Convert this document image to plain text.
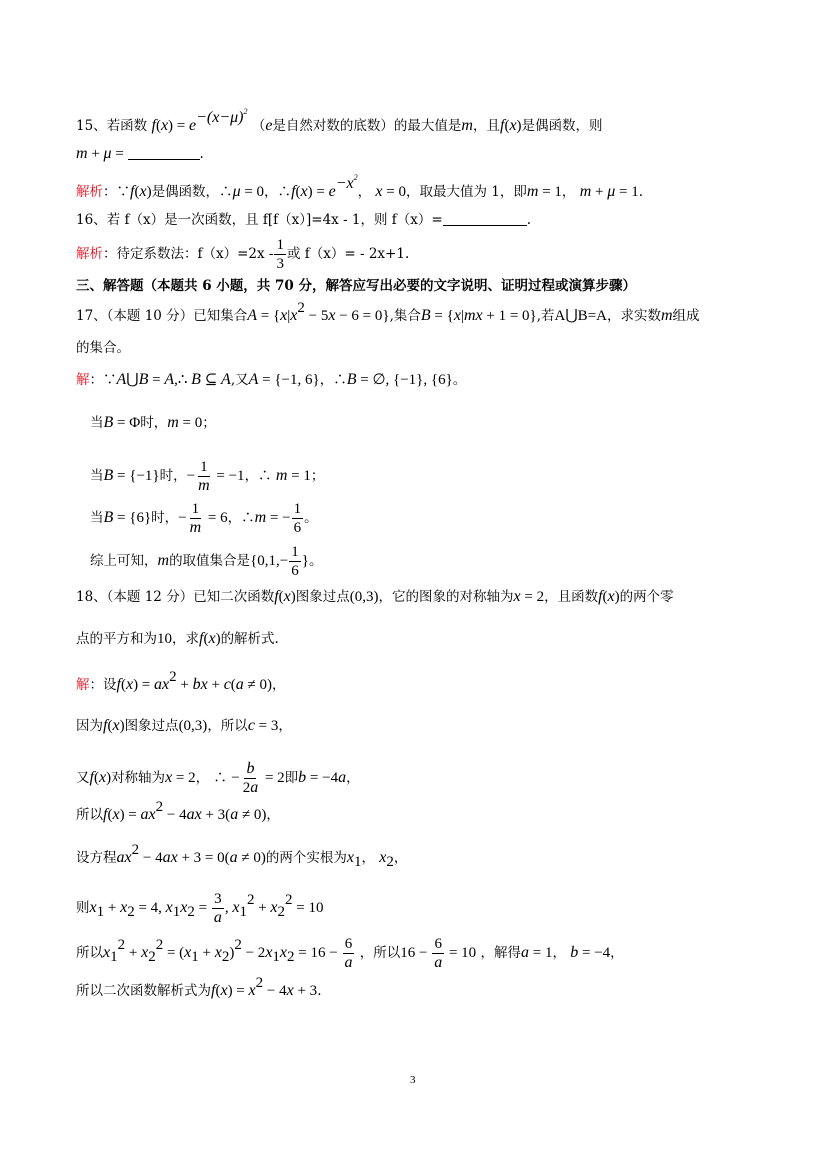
15、若函数 $f(x) = e^{-(x-\mu)^2}$ （e是自然对数的底数）的最大值是m，且f(x)是偶函数，则
m + μ =	.
解析：∵f(x)是偶函数，∴μ = 0，∴f(x) = $e^{-x^2}$， x = 0，取最大值为 1，即m = 1， m + μ = 1.
16、若 f（x）是一次函数，且 f[f（x）]=4x - 1，则 f（x）=	.
解析：待定系数法：$f(x)=2x - \frac{1}{3}$ 或 f（x）= - 2x+1.
三、解答题（本题共 6 小题，共 70 分，解答应写出必要的文字说明、证明过程或演算步骤）
17、（本题 10 分）已知集合$A = \{x|x^2 - 5x - 6 = 0\}$,集合B = {x|mx + 1 = 0},若A⋃B=A，求实数m组成
的集合。
解：∵A⋃B = A,∴ B ⊆ A,又A = {−1, 6}，∴B = ∅, {−1}, {6}。
当B = Φ时，m = 0；
当B = {−1}时，− $\frac{1}{m} = -1$，∴ m = 1；
当B = {6}时，− $\frac{1}{m} = 6$，∴m = − $\frac{1}{6}$ 。
综上可知，m的取值集合是{$0,1,- \frac{1}{6}$ }。
18、（本题 12 分）已知二次函数f(x)图象过点(0,3)，它的图象的对称轴为x = 2，且函数f(x)的两个零
点的平方和为10，求f(x)的解析式.
解：设$f(x) = ax^2$ + bx + c(a ≠ 0)，
因为f(x)图象过点(0,3)，所以c = 3，
又f(x)对称轴为x = 2， ∴ − $\frac{b}{2a} = 2$即b = −4a，
所以$f(x) = ax^2 - 4ax + 3(a \ne 0)$，
设方程$ax^2 - 4ax + 3 = 0(a \ne 0)$的两个实根为$x_1$， $x_2$，
则$x_1 + x_2 = 4$, $x_1x_2 = \frac{3}{a}$ , $x_1^2 + x_2^2 = 10$
所以$x_1^2 + x_2^2 = (x_1 + x_2)^2 - 2x_1x_2 = 16 - \frac{6}{a}$ ，所以$16 - \frac{6}{a} = 10$ ，解得a = 1， b = −4，
所以二次函数解析式为$f(x) = x^2 - 4x + 3$.
3
